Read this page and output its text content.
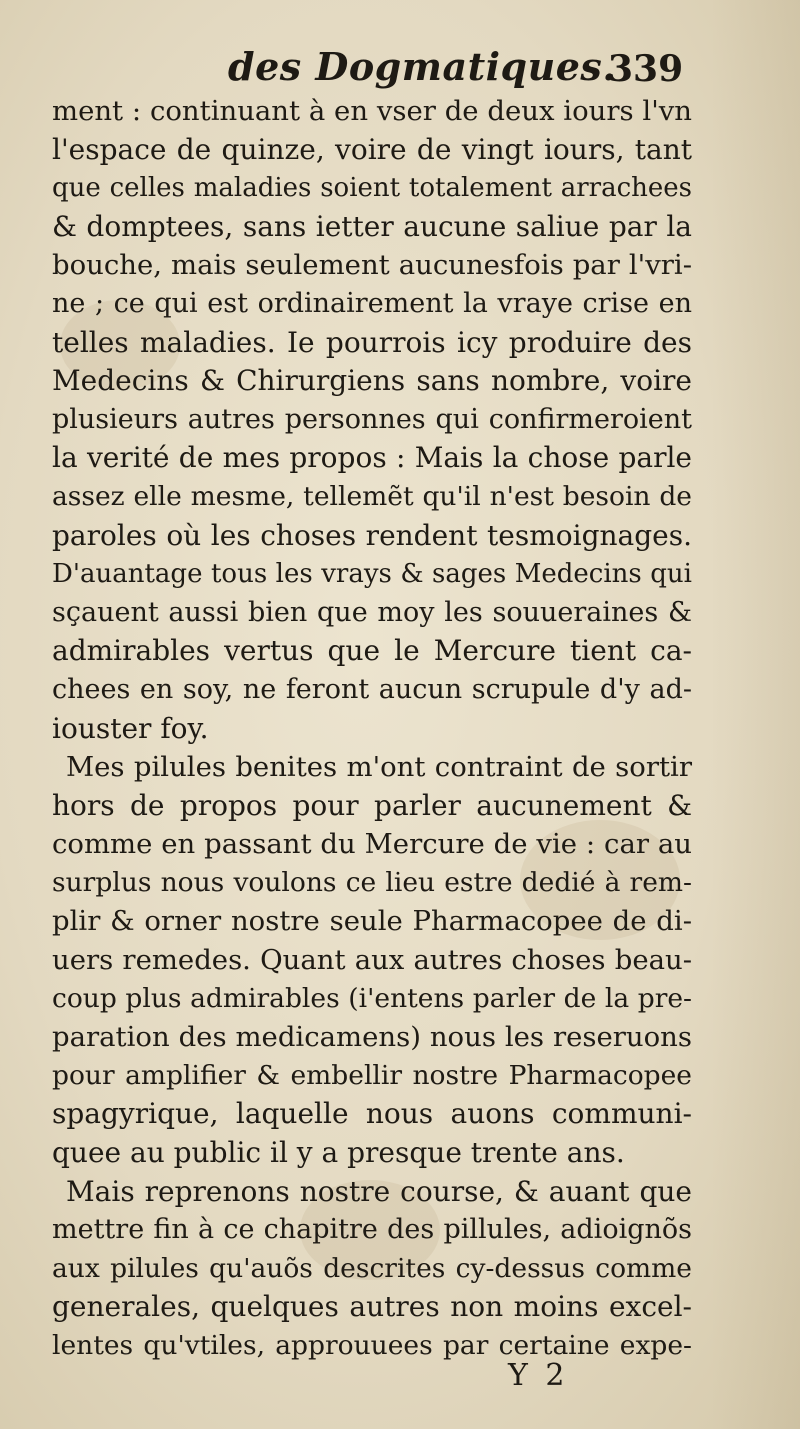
des Dogmatiques.
339
ment : continuant à en vser de deux iours l'vn
l'espace de quinze, voire de vingt iours, tant
que celles maladies soient totalement arrachees
& domptees, sans ietter aucune saliue par la
bouche, mais seulement aucunesfois par l'vri-
ne ; ce qui est ordinairement la vraye crise en
telles maladies. Ie pourrois icy produire des
Medecins & Chirurgiens sans nombre, voire
plusieurs autres personnes qui confirmeroient
la verité de mes propos : Mais la chose parle
assez elle mesme, tellemẽt qu'il n'est besoin de
paroles où les choses rendent tesmoignages.
D'auantage tous les vrays & sages Medecins qui
sçauent aussi bien que moy les souueraines &
admirables vertus que le Mercure tient ca-
chees en soy, ne feront aucun scrupule d'y ad-
iouster foy.
Mes pilules benites m'ont contraint de sortir
hors de propos pour parler aucunement &
comme en passant du Mercure de vie : car au
surplus nous voulons ce lieu estre dedié à rem-
plir & orner nostre seule Pharmacopee de di-
uers remedes. Quant aux autres choses beau-
coup plus admirables (i'entens parler de la pre-
paration des medicamens) nous les reseruons
pour amplifier & embellir nostre Pharmacopee
spagyrique, laquelle nous auons communi-
quee au public il y a presque trente ans.
Mais reprenons nostre course, & auant que
mettre fin à ce chapitre des pillules, adioignõs
aux pilules qu'auõs descrites cy-dessus comme
generales, quelques autres non moins excel-
lentes qu'vtiles, approuuees par certaine expe-
Y 2
